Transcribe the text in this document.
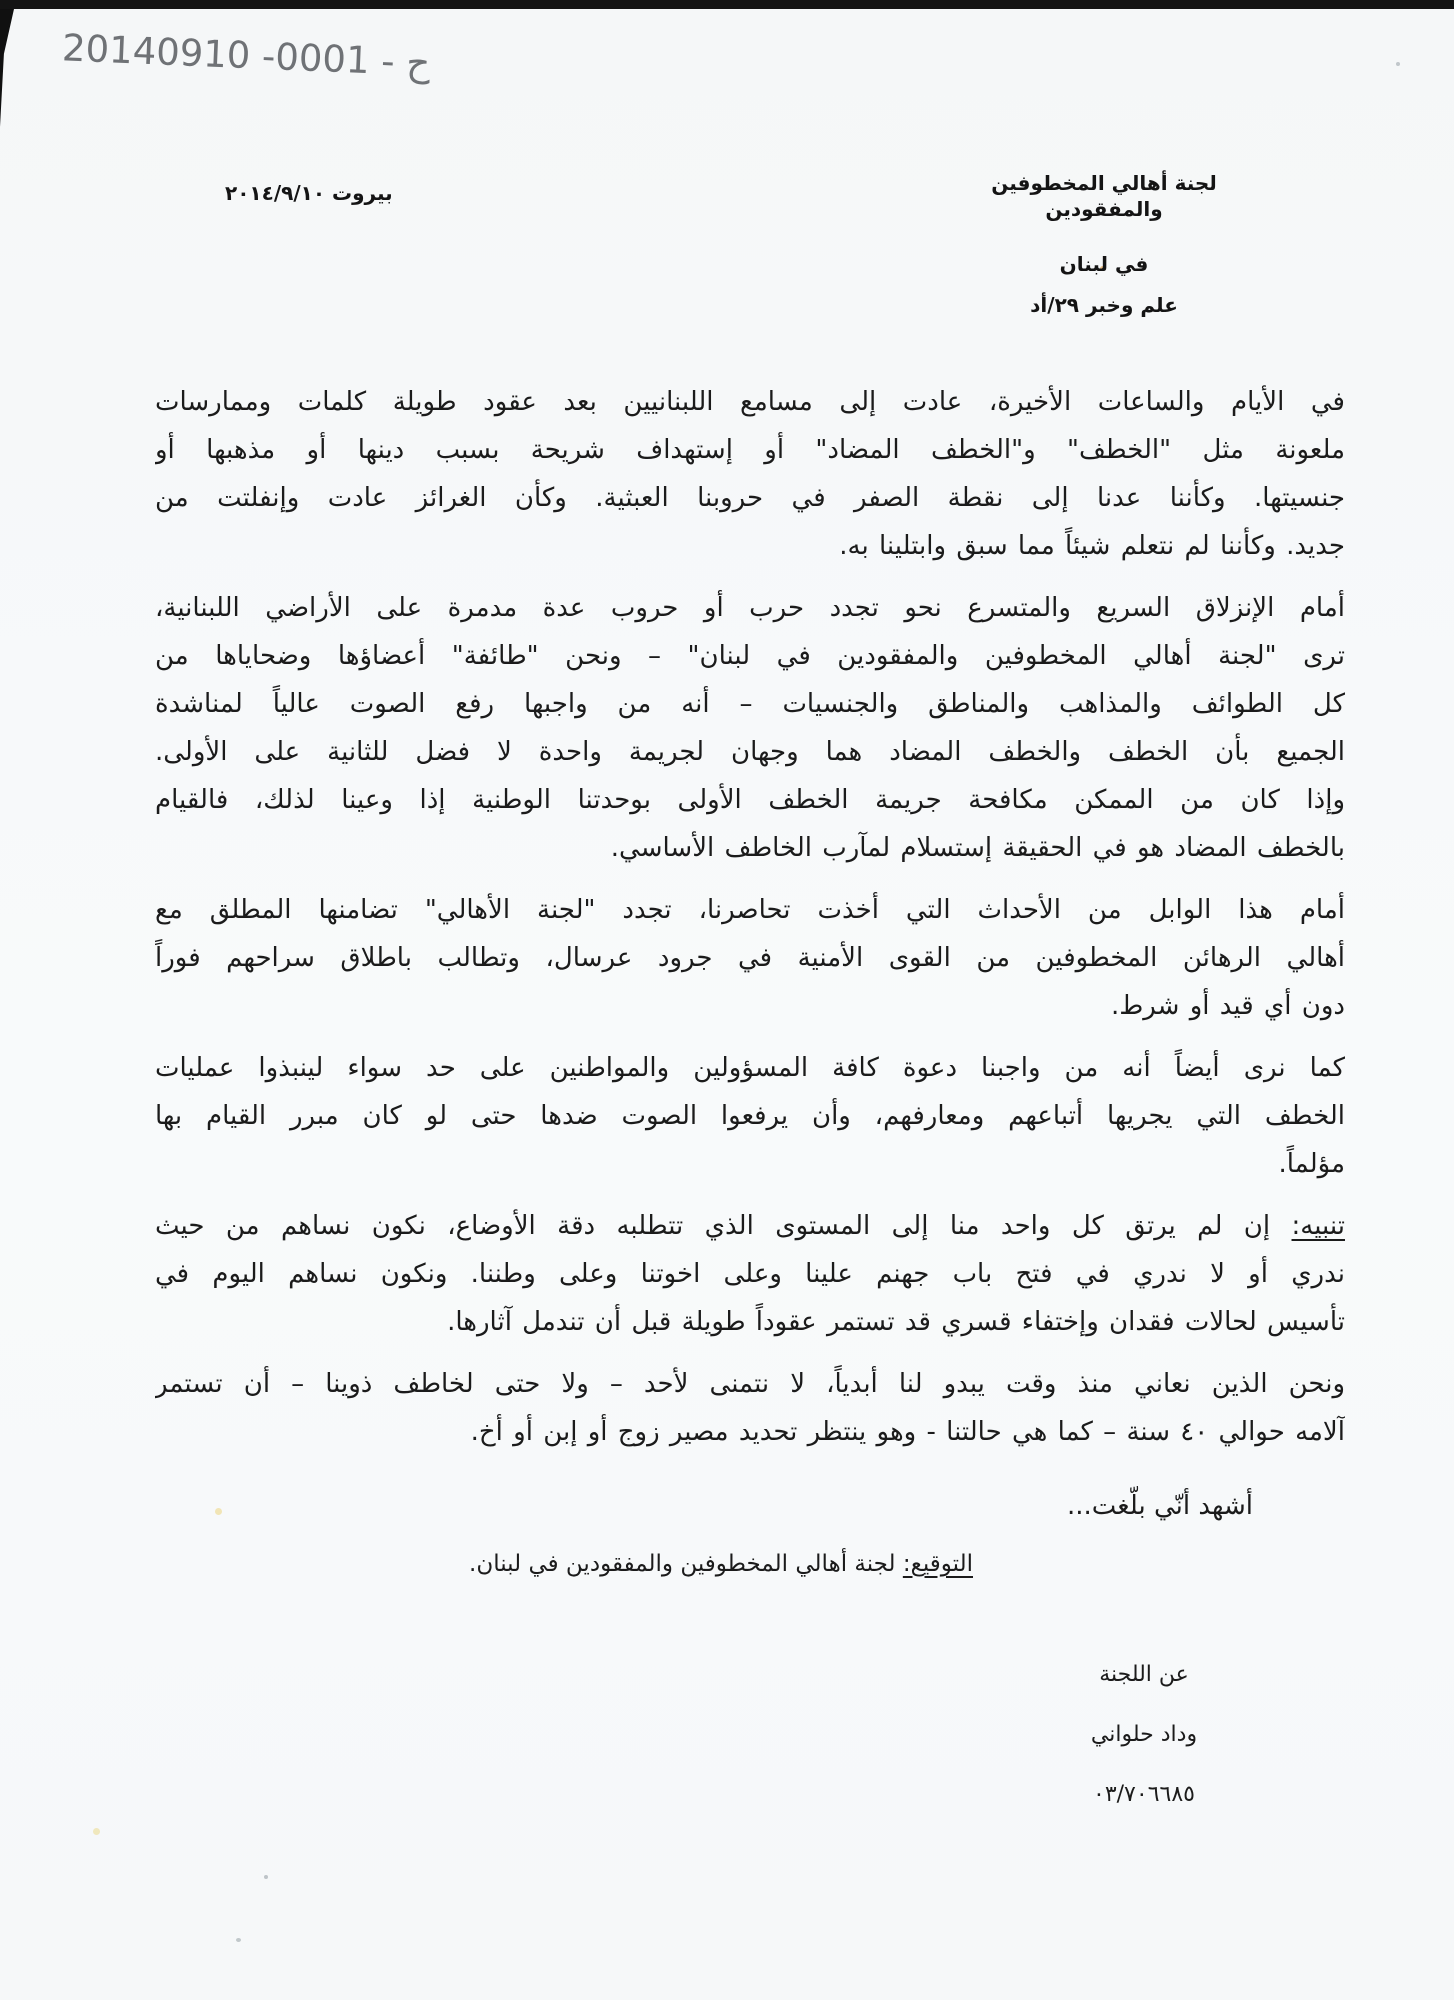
20140910 -0001 - ح
لجنة أهالي المخطوفين والمفقودين
في لبنان
علم وخبر ٢٩/أد
بيروت ٢٠١٤/٩/١٠
في الأيام والساعات الأخيرة، عادت إلى مسامع اللبنانيين بعد عقود طويلة كلمات وممارسات
ملعونة مثل "الخطف" و"الخطف المضاد" أو إستهداف شريحة بسبب دينها أو مذهبها أو
جنسيتها. وكأننا عدنا إلى نقطة الصفر في حروبنا العبثية. وكأن الغرائز عادت وإنفلتت من
جديد. وكأننا لم نتعلم شيئاً مما سبق وابتلينا به.
أمام الإنزلاق السريع والمتسرع نحو تجدد حرب أو حروب عدة مدمرة على الأراضي اللبنانية،
ترى "لجنة أهالي المخطوفين والمفقودين في لبنان" – ونحن "طائفة" أعضاؤها وضحاياها من
كل الطوائف والمذاهب والمناطق والجنسيات – أنه من واجبها رفع الصوت عالياً لمناشدة
الجميع بأن الخطف والخطف المضاد هما وجهان لجريمة واحدة لا فضل للثانية على الأولى.
وإذا كان من الممكن مكافحة جريمة الخطف الأولى بوحدتنا الوطنية إذا وعينا لذلك، فالقيام
بالخطف المضاد هو في الحقيقة إستسلام لمآرب الخاطف الأساسي.
أمام هذا الوابل من الأحداث التي أخذت تحاصرنا، تجدد "لجنة الأهالي" تضامنها المطلق مع
أهالي الرهائن المخطوفين من القوى الأمنية في جرود عرسال، وتطالب باطلاق سراحهم فوراً
دون أي قيد أو شرط.
كما نرى أيضاً أنه من واجبنا دعوة كافة المسؤولين والمواطنين على حد سواء لينبذوا عمليات
الخطف التي يجريها أتباعهم ومعارفهم، وأن يرفعوا الصوت ضدها حتى لو كان مبرر القيام بها
مؤلماً.
تنبيه: إن لم يرتق كل واحد منا إلى المستوى الذي تتطلبه دقة الأوضاع، نكون نساهم من حيث
ندري أو لا ندري في فتح باب جهنم علينا وعلى اخوتنا وعلى وطننا. ونكون نساهم اليوم في
تأسيس لحالات فقدان وإختفاء قسري قد تستمر عقوداً طويلة قبل أن تندمل آثارها.
ونحن الذين نعاني منذ وقت يبدو لنا أبدياً، لا نتمنى لأحد – ولا حتى لخاطف ذوينا – أن تستمر
آلامه حوالي ٤٠ سنة – كما هي حالتنا - وهو ينتظر تحديد مصير زوج أو إبن أو أخ.
أشهد أنّي بلّغت...
التوقيع: لجنة أهالي المخطوفين والمفقودين في لبنان.
عن اللجنة
وداد حلواني
٠٣/٧٠٦٦٨٥
